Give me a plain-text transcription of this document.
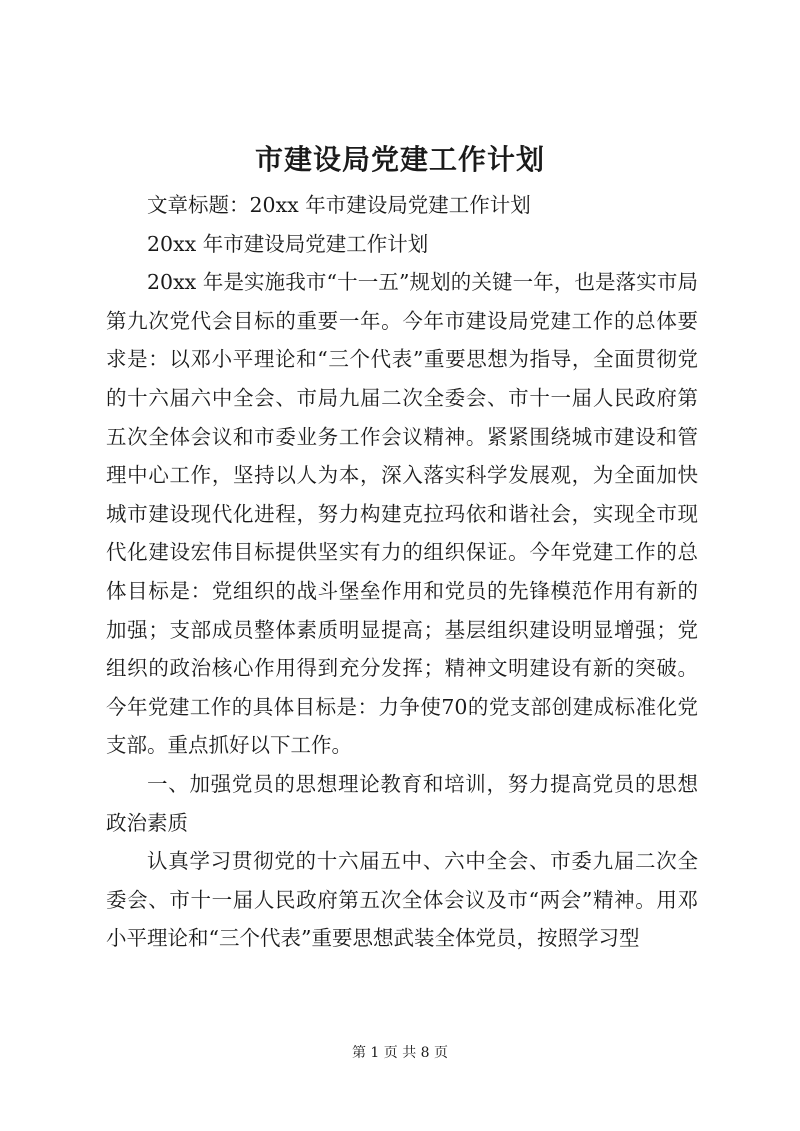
市建设局党建工作计划

文章标题：20xx 年市建设局党建工作计划

20xx 年市建设局党建工作计划

20xx 年是实施我市“十一五”规划的关键一年，也是落实市局第九次党代会目标的重要一年。今年市建设局党建工作的总体要求是：以邓小平理论和“三个代表”重要思想为指导，全面贯彻党的十六届六中全会、市局九届二次全委会、市十一届人民政府第五次全体会议和市委业务工作会议精神。紧紧围绕城市建设和管理中心工作，坚持以人为本，深入落实科学发展观，为全面加快城市建设现代化进程，努力构建克拉玛依和谐社会，实现全市现代化建设宏伟目标提供坚实有力的组织保证。今年党建工作的总体目标是：党组织的战斗堡垒作用和党员的先锋模范作用有新的加强；支部成员整体素质明显提高；基层组织建设明显增强；党组织的政治核心作用得到充分发挥；精神文明建设有新的突破。今年党建工作的具体目标是：力争使70的党支部创建成标准化党支部。重点抓好以下工作。

一、加强党员的思想理论教育和培训，努力提高党员的思想政治素质

认真学习贯彻党的十六届五中、六中全会、市委九届二次全委会、市十一届人民政府第五次全体会议及市“两会”精神。用邓小平理论和“三个代表”重要思想武装全体党员，按照学习型

第 1 页 共 8 页
